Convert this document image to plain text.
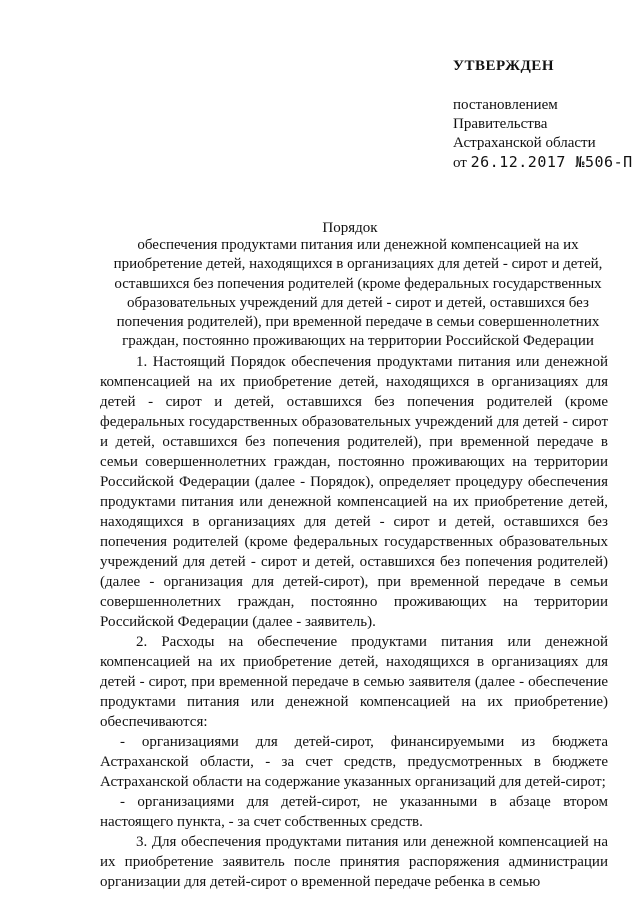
УТВЕРЖДЕН
постановлением
Правительства
Астраханской области
от 26.12.2017 №506-П
Порядок
обеспечения продуктами питания или денежной компенсацией на их приобретение детей, находящихся в организациях для детей - сирот и детей, оставшихся без попечения родителей (кроме федеральных государственных образовательных учреждений для детей - сирот и детей, оставшихся без попечения родителей), при временной передаче в семьи совершеннолетних граждан, постоянно проживающих на территории Российской Федерации

1. Настоящий Порядок обеспечения продуктами питания или денежной компенсацией на их приобретение детей, находящихся в организациях для детей - сирот и детей, оставшихся без попечения родителей (кроме федеральных государственных образовательных учреждений для детей - сирот и детей, оставшихся без попечения родителей), при временной передаче в семьи совершеннолетних граждан, постоянно проживающих на территории Российской Федерации (далее - Порядок), определяет процедуру обеспечения продуктами питания или денежной компенсацией на их приобретение детей, находящихся в организациях для детей - сирот и детей, оставшихся без попечения родителей (кроме федеральных государственных образовательных учреждений для детей - сирот и детей, оставшихся без попечения родителей) (далее - организация для детей-сирот), при временной передаче в семьи совершеннолетних граждан, постоянно проживающих на территории Российской Федерации (далее - заявитель).

2. Расходы на обеспечение продуктами питания или денежной компенсацией на их приобретение детей, находящихся в организациях для детей - сирот, при временной передаче в семью заявителя (далее - обеспечение продуктами питания или денежной компенсацией на их приобретение) обеспечиваются:

- организациями для детей-сирот, финансируемыми из бюджета Астраханской области, - за счет средств, предусмотренных в бюджете Астраханской области на содержание указанных организаций для детей-сирот;

- организациями для детей-сирот, не указанными в абзаце втором настоящего пункта, - за счет собственных средств.

3. Для обеспечения продуктами питания или денежной компенсацией на их приобретение заявитель после принятия распоряжения администрации организации для детей-сирот о временной передаче ребенка в семью
